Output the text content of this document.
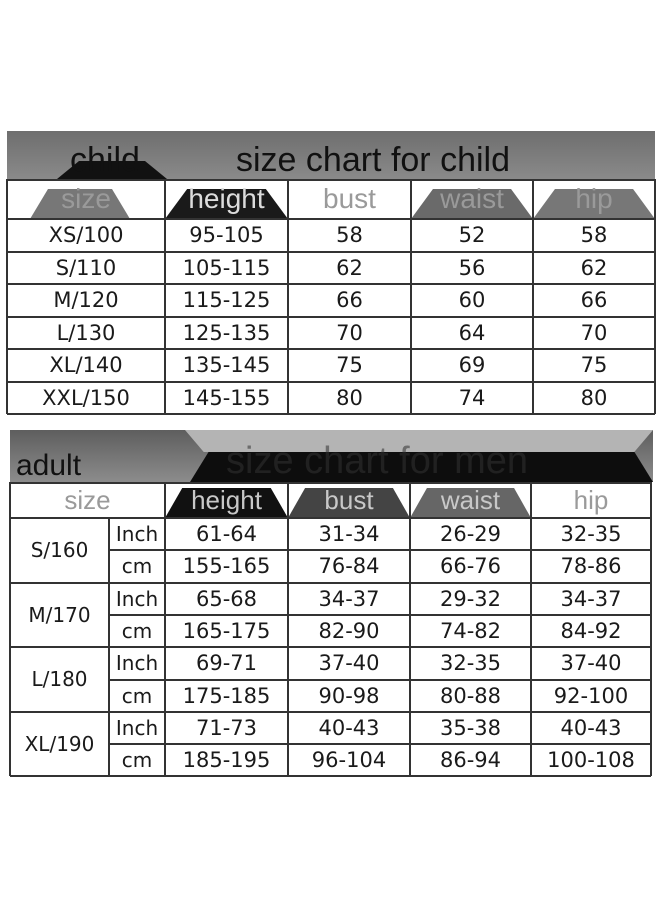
child	size chart for child
size	height	bust	waist	hip
XS/100	95-105	58	52	58
S/110	105-115	62	56	62
M/120	115-125	66	60	66
L/130	125-135	70	64	70
XL/140	135-145	75	69	75
XXL/150	145-155	80	74	80
adult	size chart for men
size	height	bust	waist	hip
S/160
Inch	61-64	31-34	26-29	32-35
cm	155-165	76-84	66-76	78-86
M/170
Inch	65-68	34-37	29-32	34-37
cm	165-175	82-90	74-82	84-92
L/180
Inch	69-71	37-40	32-35	37-40
cm	175-185	90-98	80-88	92-100
XL/190
Inch	71-73	40-43	35-38	40-43
cm	185-195	96-104	86-94	100-108
